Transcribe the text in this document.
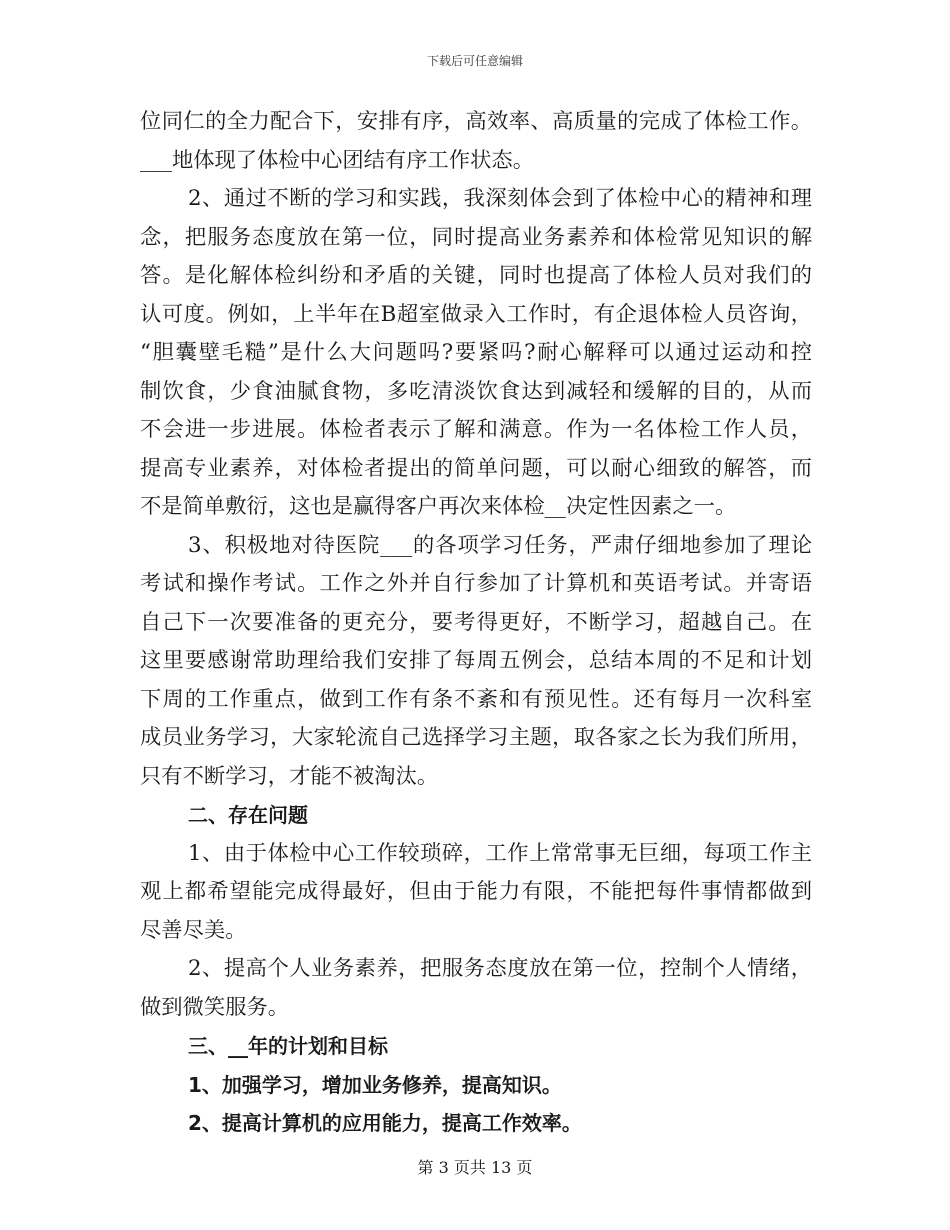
下载后可任意编辑
位同仁的全力配合下，安排有序，高效率、高质量的完成了体检工作。
___地体现了体检中心团结有序工作状态。
2、通过不断的学习和实践，我深刻体会到了体检中心的精神和理
念，把服务态度放在第一位，同时提高业务素养和体检常见知识的解
答。是化解体检纠纷和矛盾的关键，同时也提高了体检人员对我们的
认可度。例如，上半年在B超室做录入工作时，有企退体检人员咨询，
“胆囊壁毛糙”是什么大问题吗?要紧吗?耐心解释可以通过运动和控
制饮食，少食油腻食物，多吃清淡饮食达到减轻和缓解的目的，从而
不会进一步进展。体检者表示了解和满意。作为一名体检工作人员，
提高专业素养，对体检者提出的简单问题，可以耐心细致的解答，而
不是简单敷衍，这也是赢得客户再次来体检__决定性因素之一。
3、积极地对待医院___的各项学习任务，严肃仔细地参加了理论
考试和操作考试。工作之外并自行参加了计算机和英语考试。并寄语
自己下一次要准备的更充分，要考得更好，不断学习，超越自己。在
这里要感谢常助理给我们安排了每周五例会，总结本周的不足和计划
下周的工作重点，做到工作有条不紊和有预见性。还有每月一次科室
成员业务学习，大家轮流自己选择学习主题，取各家之长为我们所用，
只有不断学习，才能不被淘汰。
二、存在问题
1、由于体检中心工作较琐碎，工作上常常事无巨细，每项工作主
观上都希望能完成得最好，但由于能力有限，不能把每件事情都做到
尽善尽美。
2、提高个人业务素养，把服务态度放在第一位，控制个人情绪，
做到微笑服务。
三、__年的计划和目标
1、加强学习，增加业务修养，提高知识。
2、提高计算机的应用能力，提高工作效率。
第 3 页共 13 页
